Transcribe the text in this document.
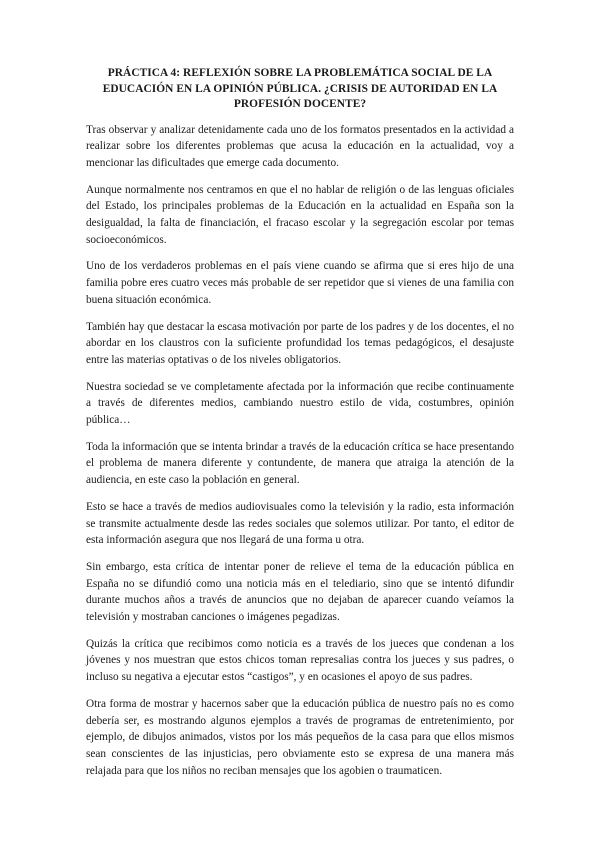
PRÁCTICA 4: REFLEXIÓN SOBRE LA PROBLEMÁTICA SOCIAL DE LA EDUCACIÓN EN LA OPINIÓN PÚBLICA. ¿CRISIS DE AUTORIDAD EN LA PROFESIÓN DOCENTE?

Tras observar y analizar detenidamente cada uno de los formatos presentados en la actividad a realizar sobre los diferentes problemas que acusa la educación en la actualidad, voy a mencionar las dificultades que emerge cada documento.

Aunque normalmente nos centramos en que el no hablar de religión o de las lenguas oficiales del Estado, los principales problemas de la Educación en la actualidad en España son la desigualdad, la falta de financiación, el fracaso escolar y la segregación escolar por temas socioeconómicos.

Uno de los verdaderos problemas en el país viene cuando se afirma que si eres hijo de una familia pobre eres cuatro veces más probable de ser repetidor que si vienes de una familia con buena situación económica.

También hay que destacar la escasa motivación por parte de los padres y de los docentes, el no abordar en los claustros con la suficiente profundidad los temas pedagógicos, el desajuste entre las materias optativas o de los niveles obligatorios.

Nuestra sociedad se ve completamente afectada por la información que recibe continuamente a través de diferentes medios, cambiando nuestro estilo de vida, costumbres, opinión pública…

Toda la información que se intenta brindar a través de la educación crítica se hace presentando el problema de manera diferente y contundente, de manera que atraiga la atención de la audiencia, en este caso la población en general.

Esto se hace a través de medios audiovisuales como la televisión y la radio, esta información se transmite actualmente desde las redes sociales que solemos utilizar. Por tanto, el editor de esta información asegura que nos llegará de una forma u otra.

Sin embargo, esta crítica de intentar poner de relieve el tema de la educación pública en España no se difundió como una noticia más en el telediario, sino que se intentó difundir durante muchos años a través de anuncios que no dejaban de aparecer cuando veíamos la televisión y mostraban canciones o imágenes pegadizas.

Quizás la crítica que recibimos como noticia es a través de los jueces que condenan a los jóvenes y nos muestran que estos chicos toman represalias contra los jueces y sus padres, o incluso su negativa a ejecutar estos “castigos”, y en ocasiones el apoyo de sus padres.

Otra forma de mostrar y hacernos saber que la educación pública de nuestro país no es como debería ser, es mostrando algunos ejemplos a través de programas de entretenimiento, por ejemplo, de dibujos animados, vistos por los más pequeños de la casa para que ellos mismos sean conscientes de las injusticias, pero obviamente esto se expresa de una manera más relajada para que los niños no reciban mensajes que los agobien o traumaticen.
